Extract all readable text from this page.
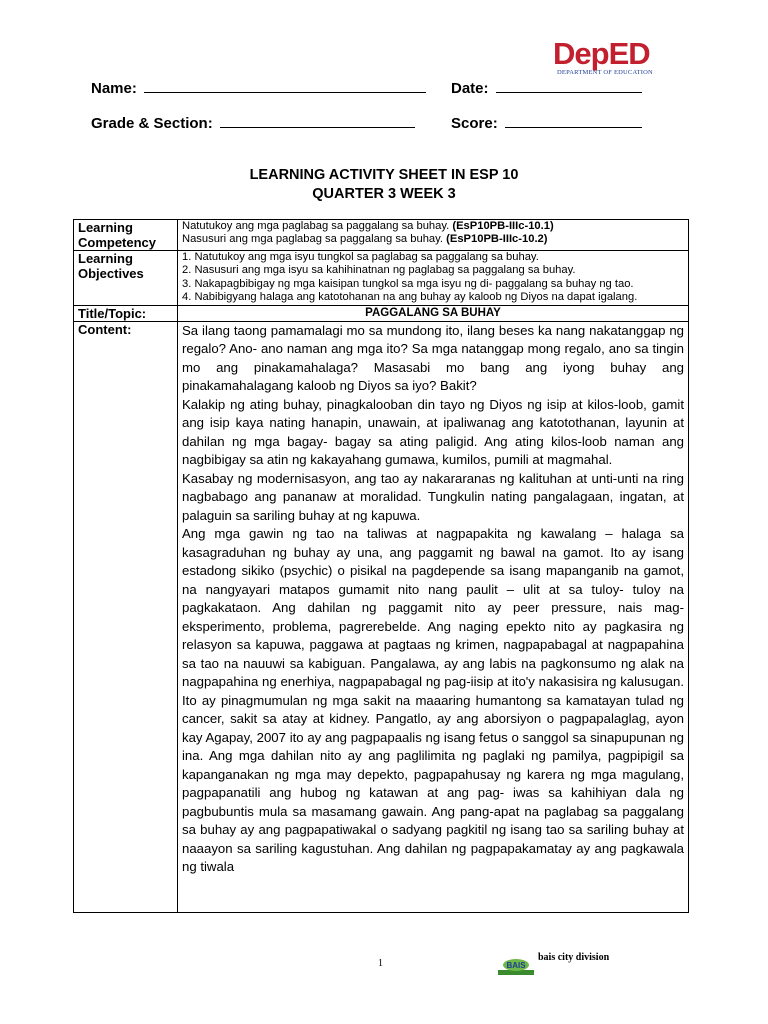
DepED
DEPARTMENT OF EDUCATION
Name:	Date:
Grade & Section:	Score:
LEARNING ACTIVITY SHEET IN ESP 10
QUARTER 3 WEEK 3
Learning Competency	Natutukoy ang mga paglabag sa paggalang sa buhay. (EsP10PB-IIIc-10.1)
Nasusuri ang mga paglabag sa paggalang sa buhay. (EsP10PB-IIIc-10.2)

Learning Objectives	1. Natutukoy ang mga isyu tungkol sa paglabag sa paggalang sa buhay.
2. Nasusuri ang mga isyu sa kahihinatnan ng paglabag sa paggalang sa buhay.
3. Nakapagbibigay ng mga kaisipan tungkol sa mga isyu ng di- paggalang sa buhay ng tao.
4. Nabibigyang halaga ang katotohanan na ang buhay ay kaloob ng Diyos na dapat igalang.

Title/Topic:	PAGGALANG SA BUHAY
Content:	Sa ilang taong pamamalagi mo sa mundong ito, ilang beses ka nang nakatanggap ng regalo? Ano- ano naman ang mga ito? Sa mga natanggap mong regalo, ano sa tingin mo ang pinakamahalaga? Masasabi mo bang ang iyong buhay ang pinakamahalagang kaloob ng Diyos sa iyo? Bakit?

Kalakip ng ating buhay, pinagkalooban din tayo ng Diyos ng isip at kilos-loob, gamit ang isip kaya nating hanapin, unawain, at ipaliwanag ang katotothanan, layunin at dahilan ng mga bagay- bagay sa ating paligid. Ang ating kilos-loob naman ang nagbibigay sa atin ng kakayahang gumawa, kumilos, pumili at magmahal.

Kasabay ng modernisasyon, ang tao ay nakararanas ng kalituhan at unti-unti na ring nagbabago ang pananaw at moralidad. Tungkulin nating pangalagaan, ingatan, at palaguin sa sariling buhay at ng kapuwa.

Ang mga gawin ng tao na taliwas at nagpapakita ng kawalang – halaga sa kasagraduhan ng buhay ay una, ang paggamit ng bawal na gamot. Ito ay isang estadong sikiko (psychic) o pisikal na pagdepende sa isang mapanganib na gamot, na nangyayari matapos gumamit nito nang paulit – ulit at sa tuloy- tuloy na pagkakataon. Ang dahilan ng paggamit nito ay peer pressure, nais mag-eksperimento, problema, pagrerebelde. Ang naging epekto nito ay pagkasira ng relasyon sa kapuwa, paggawa at pagtaas ng krimen, nagpapabagal at nagpapahina sa tao na nauuwi sa kabiguan. Pangalawa, ay ang labis na pagkonsumo ng alak na nagpapahina ng enerhiya, nagpapabagal ng pag-iisip at ito'y nakasisira ng kalusugan. Ito ay pinagmumulan ng mga sakit na maaaring humantong sa kamatayan tulad ng cancer, sakit sa atay at kidney. Pangatlo, ay ang aborsiyon o pagpapalaglag, ayon kay Agapay, 2007 ito ay ang pagpapaalis ng isang fetus o sanggol sa sinapupunan ng ina. Ang mga dahilan nito ay ang paglilimita ng paglaki ng pamilya, pagpipigil sa kapanganakan ng mga may depekto, pagpapahusay ng karera ng mga magulang, pagpapanatili ang hubog ng katawan at ang pag- iwas sa kahihiyan dala ng pagbubuntis mula sa masamang gawain. Ang pang-apat na paglabag sa paggalang sa buhay ay ang pagpapatiwakal o sadyang pagkitil ng isang tao sa sariling buhay at naaayon sa sariling kagustuhan. Ang dahilan ng pagpapakamatay ay ang pagkawala ng tiwala

1	BAIS
bais city division
